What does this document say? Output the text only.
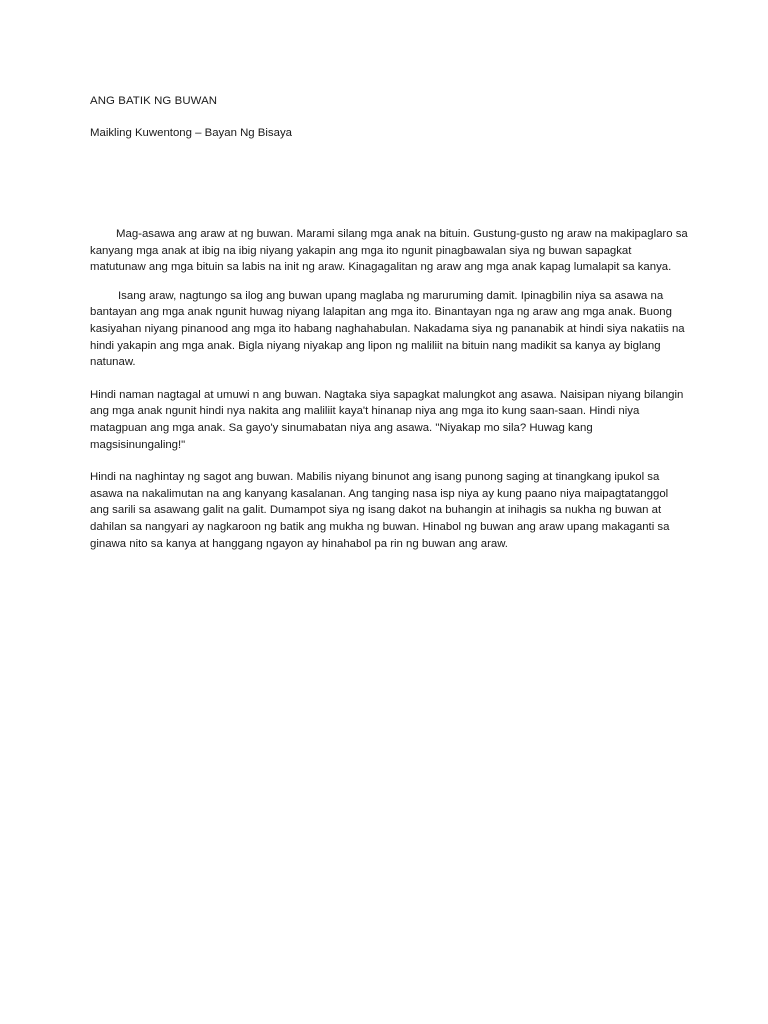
ANG BATIK NG BUWAN

Maikling Kuwentong – Bayan Ng Bisaya

Mag-asawa ang araw at ng buwan. Marami silang mga anak na bituin. Gustung-gusto ng araw na makipaglaro sa kanyang mga anak at ibig na ibig niyang yakapin ang mga ito ngunit pinagbawalan siya ng buwan sapagkat matutunaw ang mga bituin sa labis na init ng araw. Kinagagalitan ng araw ang mga anak kapag lumalapit sa kanya.

Isang araw, nagtungo sa ilog ang buwan upang maglaba ng maruruming damit. Ipinagbilin niya sa asawa na bantayan ang mga anak ngunit huwag niyang lalapitan ang mga ito. Binantayan nga ng araw ang mga anak. Buong kasiyahan niyang pinanood ang mga ito habang naghahabulan. Nakadama siya ng pananabik at hindi siya nakatiis na hindi yakapin ang mga anak. Bigla niyang niyakap ang lipon ng maliliit na bituin nang madikit sa kanya ay biglang natunaw.

Hindi naman nagtagal at umuwi n ang buwan. Nagtaka siya sapagkat malungkot ang asawa. Naisipan niyang bilangin ang mga anak ngunit hindi nya nakita ang maliliit kaya't hinanap niya ang mga ito kung saan-saan. Hindi niya matagpuan ang mga anak. Sa gayo'y sinumabatan niya ang asawa. "Niyakap mo sila? Huwag kang magsisinungaling!"

Hindi na naghintay ng sagot ang buwan. Mabilis niyang binunot ang isang punong saging at tinangkang ipukol sa asawa na nakalimutan na ang kanyang kasalanan. Ang tanging nasa isp niya ay kung paano niya maipagtatanggol ang sarili sa asawang galit na galit. Dumampot siya ng isang dakot na buhangin at inihagis sa nukha ng buwan at dahilan sa nangyari ay nagkaroon ng batik ang mukha ng buwan. Hinabol ng buwan ang araw upang makaganti sa ginawa nito sa kanya at hanggang ngayon ay hinahabol pa rin ng buwan ang araw.
